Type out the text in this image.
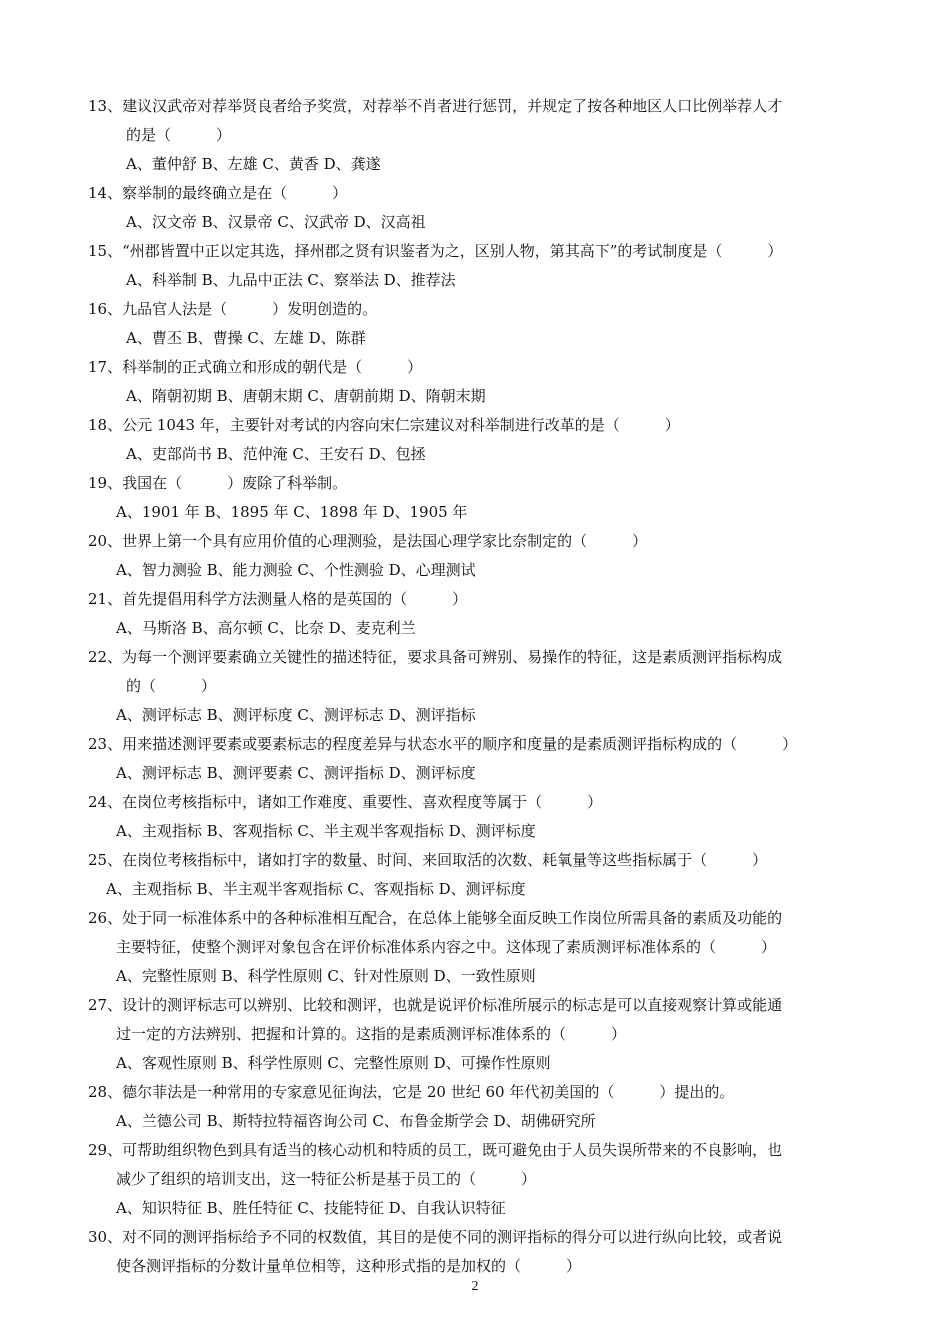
13、建议汉武帝对荐举贤良者给予奖赏，对荐举不肖者进行惩罚，并规定了按各种地区人口比例举荐人才
的是（　　　）
A、董仲舒 B、左雄 C、黄香 D、龚遂
14、察举制的最终确立是在（　　　）
A、汉文帝 B、汉景帝 C、汉武帝 D、汉高祖
15、“州郡皆置中正以定其选，择州郡之贤有识鉴者为之，区别人物，第其高下”的考试制度是（　　　）
A、科举制 B、九品中正法 C、察举法 D、推荐法
16、九品官人法是（　　　）发明创造的。
A、曹丕 B、曹操 C、左雄 D、陈群
17、科举制的正式确立和形成的朝代是（　　　）
A、隋朝初期 B、唐朝末期 C、唐朝前期 D、隋朝末期
18、公元 1043 年，主要针对考试的内容向宋仁宗建议对科举制进行改革的是（　　　）
A、吏部尚书 B、范仲淹 C、王安石 D、包拯
19、我国在（　　　）废除了科举制。
A、1901 年 B、1895 年 C、1898 年 D、1905 年
20、世界上第一个具有应用价值的心理测验，是法国心理学家比奈制定的（　　　）
A、智力测验 B、能力测验 C、个性测验 D、心理测试
21、首先提倡用科学方法测量人格的是英国的（　　　）
A、马斯洛 B、高尔顿 C、比奈 D、麦克利兰
22、为每一个测评要素确立关键性的描述特征，要求具备可辨别、易操作的特征，这是素质测评指标构成
的（　　　）
A、测评标志 B、测评标度 C、测评标志 D、测评指标
23、用来描述测评要素或要素标志的程度差异与状态水平的顺序和度量的是素质测评指标构成的（　　　）
A、测评标志 B、测评要素 C、测评指标 D、测评标度
24、在岗位考核指标中，诸如工作难度、重要性、喜欢程度等属于（　　　）
A、主观指标 B、客观指标 C、半主观半客观指标 D、测评标度
25、在岗位考核指标中，诸如打字的数量、时间、来回取活的次数、耗氧量等这些指标属于（　　　）
A、主观指标 B、半主观半客观指标 C、客观指标 D、测评标度
26、处于同一标准体系中的各种标准相互配合，在总体上能够全面反映工作岗位所需具备的素质及功能的
主要特征，使整个测评对象包含在评价标准体系内容之中。这体现了素质测评标准体系的（　　　）
A、完整性原则 B、科学性原则 C、针对性原则 D、一致性原则
27、设计的测评标志可以辨别、比较和测评，也就是说评价标准所展示的标志是可以直接观察计算或能通
过一定的方法辨别、把握和计算的。这指的是素质测评标准体系的（　　　）
A、客观性原则 B、科学性原则 C、完整性原则 D、可操作性原则
28、德尔菲法是一种常用的专家意见征询法，它是 20 世纪 60 年代初美国的（　　　）提出的。
A、兰德公司 B、斯特拉特福咨询公司 C、布鲁金斯学会 D、胡佛研究所
29、可帮助组织物色到具有适当的核心动机和特质的员工，既可避免由于人员失误所带来的不良影响，也
减少了组织的培训支出，这一特征公析是基于员工的（　　　）
A、知识特征 B、胜任特征 C、技能特征 D、自我认识特征
30、对不同的测评指标给予不同的权数值，其目的是使不同的测评指标的得分可以进行纵向比较，或者说
使各测评指标的分数计量单位相等，这种形式指的是加权的（　　　）
2
